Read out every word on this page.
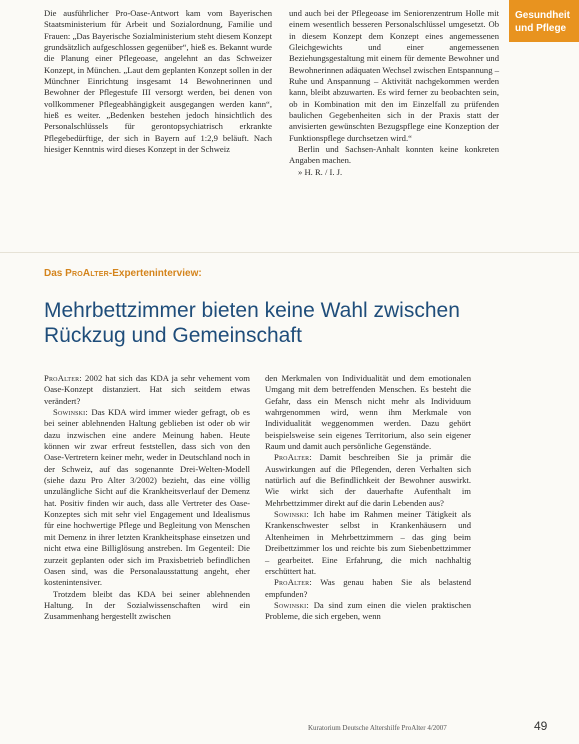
Gesundheit und Pflege

Die ausführlicher Pro-Oase-Antwort kam vom Bayerischen Staatsministerium für Arbeit und Sozialordnung, Familie und Frauen: „Das Bayerische Sozialministerium steht diesem Konzept grundsätzlich aufgeschlossen gegenüber“, hieß es. Bekannt wurde die Planung einer Pflegeoase, angelehnt an das Schweizer Konzept, in München. „Laut dem geplanten Konzept sollen in der Münchner Einrichtung insgesamt 14 Bewohnerinnen und Bewohner der Pflegestufe III versorgt werden, bei denen von vollkommener Pflegeabhängigkeit ausgegangen werden kann“, hieß es weiter. „Bedenken bestehen jedoch hinsichtlich des Personalschlüssels für gerontopsychiatrisch erkrankte Pflegebedürftige, der sich in Bayern auf 1:2,9 beläuft. Nach hiesiger Kenntnis wird dieses Konzept in der Schweiz

und auch bei der Pflegeoase im Seniorenzentrum Holle mit einem wesentlich besseren Personalschlüssel umgesetzt. Ob in diesem Konzept dem Konzept eines angemessenen Gleichgewichts und einer angemessenen Beziehungsgestaltung mit einem für demente Bewohner und Bewohnerinnen adäquaten Wechsel zwischen Entspannung – Ruhe und Anspannung – Aktivität nachgekommen werden kann, bleibt abzuwarten. Es wird ferner zu beobachten sein, ob in Kombination mit den im Einzelfall zu prüfenden baulichen Gegebenheiten sich in der Praxis statt der anvisierten gewünschten Bezugspflege eine Konzeption der Funktionspflege durchsetzen wird.“

Berlin und Sachsen-Anhalt konnten keine konkreten Angaben machen.

» H. R. / I. J.

Das ProAlter-Experteninterview:
Mehrbettzimmer bieten keine Wahl zwischen Rückzug und Gemeinschaft

ProAlter: 2002 hat sich das KDA ja sehr vehement vom Oase-Konzept distanziert. Hat sich seitdem etwas verändert?

Sowinski: Das KDA wird immer wieder gefragt, ob es bei seiner ablehnenden Haltung geblieben ist oder ob wir dazu inzwischen eine andere Meinung haben. Heute können wir zwar erfreut feststellen, dass sich von den Oase-Vertretern keiner mehr, weder in Deutschland noch in der Schweiz, auf das sogenannte Drei-Welten-Modell (siehe dazu Pro Alter 3/2002) bezieht, das eine völlig unzulängliche Sicht auf die Krankheitsverlauf der Demenz hat. Positiv finden wir auch, dass alle Vertreter des Oase-Konzeptes sich mit sehr viel Engagement und Idealismus für eine hochwertige Pflege und Begleitung von Menschen mit Demenz in ihrer letzten Krankheitsphase einsetzen und nicht etwa eine Billiglösung anstreben. Im Gegenteil: Die zurzeit geplanten oder sich im Praxisbetrieb befindlichen Oasen sind, was die Personalausstattung angeht, eher kostenintensiver.

Trotzdem bleibt das KDA bei seiner ablehnenden Haltung. In der Sozialwissenschaften wird ein Zusammenhang hergestellt zwischen

den Merkmalen von Individualität und dem emotionalen Umgang mit dem betreffenden Menschen. Es besteht die Gefahr, dass ein Mensch nicht mehr als Individuum wahrgenommen wird, wenn ihm Merkmale von Individualität weggenommen werden. Dazu gehört beispielsweise sein eigenes Territorium, also sein eigener Raum und damit auch persönliche Gegenstände.

ProAlter: Damit beschreiben Sie ja primär die Auswirkungen auf die Pflegenden, deren Verhalten sich natürlich auf die Befindlichkeit der Bewohner auswirkt. Wie wirkt sich der dauerhafte Aufenthalt im Mehrbettzimmer direkt auf die darin Lebenden aus?

Sowinski: Ich habe im Rahmen meiner Tätigkeit als Krankenschwester selbst in Krankenhäusern und Altenheimen in Mehrbettzimmern – das ging beim Dreibettzimmer los und reichte bis zum Siebenbettzimmer – gearbeitet. Eine Erfahrung, die mich nachhaltig erschüttert hat.

ProAlter: Was genau haben Sie als belastend empfunden?

Sowinski: Da sind zum einen die vielen praktischen Probleme, die sich ergeben, wenn

Kuratorium Deutsche Altershilfe ProAlter 4/2007	49
